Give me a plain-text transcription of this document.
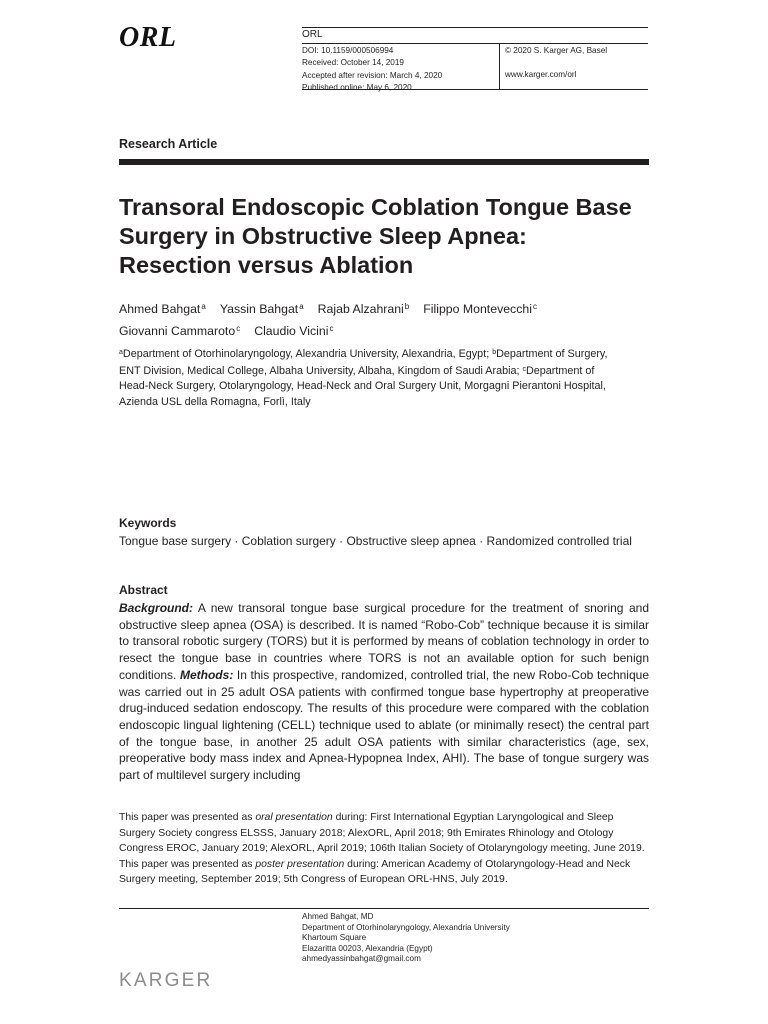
ORL	ORL
DOI: 10.1159/000506994
Received: October 14, 2019
Accepted after revision: March 4, 2020
Published online: May 6, 2020
© 2020 S. Karger AG, Basel
www.karger.com/orl
Research Article
Transoral Endoscopic Coblation Tongue Base Surgery in Obstructive Sleep Apnea: Resection versus Ablation
Ahmed Bahgat$^a$ Yassin Bahgat$^a$ Rajab Alzahrani$^b$ Filippo Montevecchi$^c$
Giovanni Cammaroto$^c$ Claudio Vicini$^c$
$^a$Department of Otorhinolaryngology, Alexandria University, Alexandria, Egypt; $^b$Department of Surgery, ENT Division, Medical College, Albaha University, Albaha, Kingdom of Saudi Arabia; $^c$Department of Head-Neck Surgery, Otolaryngology, Head-Neck and Oral Surgery Unit, Morgagni Pierantoni Hospital, Azienda USL della Romagna, Forlì, Italy
Keywords
Tongue base surgery · Coblation surgery · Obstructive sleep apnea · Randomized controlled trial
Abstract
Background: A new transoral tongue base surgical procedure for the treatment of snoring and obstructive sleep apnea (OSA) is described. It is named “Robo-Cob” technique because it is similar to transoral robotic surgery (TORS) but it is performed by means of coblation technology in order to resect the tongue base in countries where TORS is not an available option for such benign conditions. Methods: In this prospective, randomized, controlled trial, the new Robo-Cob technique was carried out in 25 adult OSA patients with confirmed tongue base hypertrophy at preoperative drug-induced sedation endoscopy. The results of this procedure were compared with the coblation endoscopic lingual lightening (CELL) technique used to ablate (or minimally resect) the central part of the tongue base, in another 25 adult OSA patients with similar characteristics (age, sex, preoperative body mass index and Apnea-Hypopnea Index, AHI). The base of tongue surgery was part of multilevel surgery including
This paper was presented as oral presentation during: First International Egyptian Laryngological and Sleep Surgery Society congress ELSSS, January 2018; AlexORL, April 2018; 9th Emirates Rhinology and Otology Congress EROC, January 2019; AlexORL, April 2019; 106th Italian Society of Otolaryngology meeting, June 2019. This paper was presented as poster presentation during: American Academy of Otolaryngology-Head and Neck Surgery meeting, September 2019; 5th Congress of European ORL-HNS, July 2019.
Ahmed Bahgat, MD
Department of Otorhinolaryngology, Alexandria University
Khartoum Square
Elazaritta 00203, Alexandria (Egypt)
ahmedyassinbahgat@gmail.com
KARGER
